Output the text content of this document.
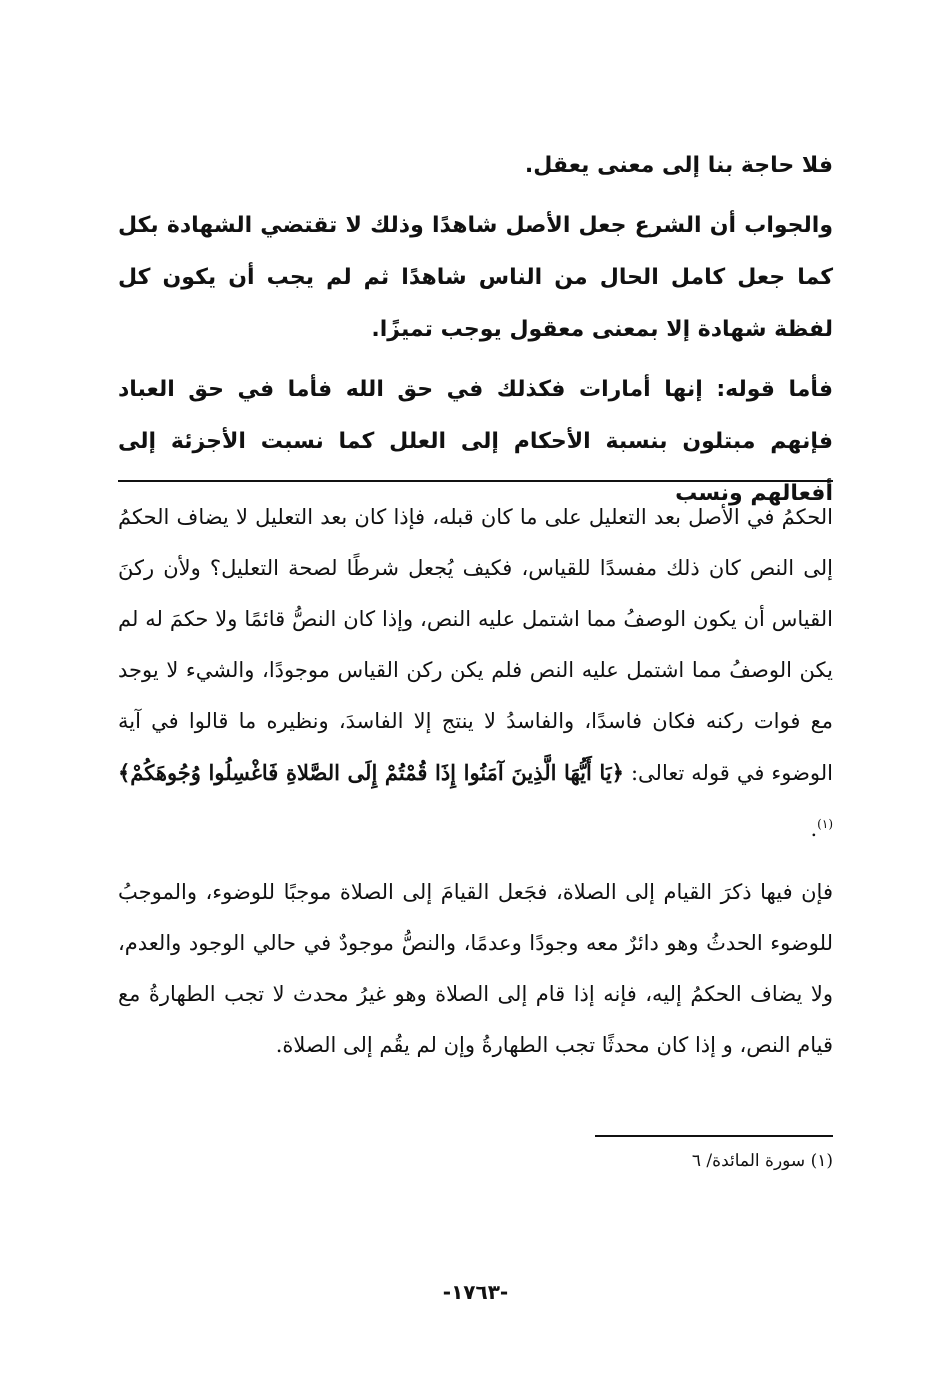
فلا حاجة بنا إلى معنى يعقل.

والجواب أن الشرع جعل الأصل شاهدًا وذلك لا تقتضي الشهادة بكل كما جعل كامل الحال من الناس شاهدًا ثم لم يجب أن يكون كل لفظة شهادة إلا بمعنى معقول يوجب تميزًا.

فأما قوله: إنها أمارات فكذلك في حق الله فأما في حق العباد فإنهم مبتلون بنسبة الأحكام إلى العلل كما نسبت الأجزئة إلى أفعالهم ونسب

الحكمُ في الأصل بعد التعليل على ما كان قبله، فإذا كان بعد التعليل لا يضاف الحكمُ إلى النص كان ذلك مفسدًا للقياس، فكيف يُجعل شرطًا لصحة التعليل؟ ولأن ركنَ القياس أن يكون الوصفُ مما اشتمل عليه النص، وإذا كان النصُّ قائمًا ولا حكمَ له لم يكن الوصفُ مما اشتمل عليه النص فلم يكن ركن القياس موجودًا، والشيء لا يوجد مع فوات ركنه فكان فاسدًا، والفاسدُ لا ينتج إلا الفاسدَ، ونظيره ما قالوا في آية الوضوء في قوله تعالى: ﴿يَا أَيُّهَا الَّذِينَ آمَنُوا إِذَا قُمْتُمْ إِلَى الصَّلاةِ فَاغْسِلُوا وُجُوهَكُمْ﴾$^{(١)}$.

فإن فيها ذكرَ القيام إلى الصلاة، فجَعل القيامَ إلى الصلاة موجبًا للوضوء، والموجبُ للوضوء الحدثُ وهو دائرٌ معه وجودًا وعدمًا، والنصُّ موجودٌ في حالي الوجود والعدم، ولا يضاف الحكمُ إليه، فإنه إذا قام إلى الصلاة وهو غيرُ محدث لا تجب الطهارةُ مع قيام النص، و إذا كان محدثًا تجب الطهارةُ وإن لم يقُم إلى الصلاة.

(١) سورة المائدة/ ٦
-١٧٦٣-
